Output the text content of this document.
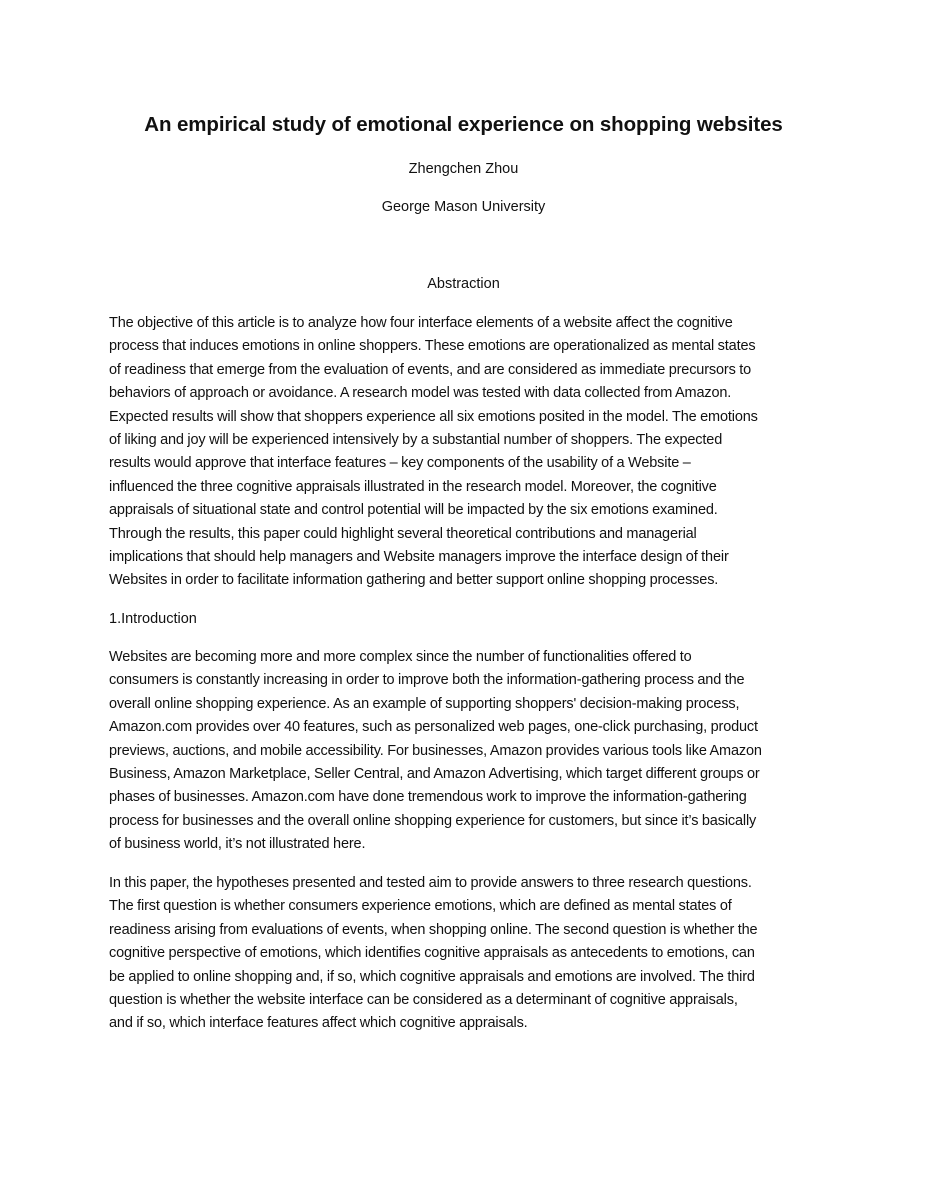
An empirical study of emotional experience on shopping websites
Zhengchen Zhou
George Mason University
Abstraction

The objective of this article is to analyze how four interface elements of a website affect the cognitive
process that induces emotions in online shoppers. These emotions are operationalized as mental states
of readiness that emerge from the evaluation of events, and are considered as immediate precursors to
behaviors of approach or avoidance. A research model was tested with data collected from Amazon.
Expected results will show that shoppers experience all six emotions posited in the model. The emotions
of liking and joy will be experienced intensively by a substantial number of shoppers. The expected
results would approve that interface features – key components of the usability of a Website –
influenced the three cognitive appraisals illustrated in the research model. Moreover, the cognitive
appraisals of situational state and control potential will be impacted by the six emotions examined.
Through the results, this paper could highlight several theoretical contributions and managerial
implications that should help managers and Website managers improve the interface design of their
Websites in order to facilitate information gathering and better support online shopping processes.

1.Introduction

Websites are becoming more and more complex since the number of functionalities offered to
consumers is constantly increasing in order to improve both the information-gathering process and the
overall online shopping experience. As an example of supporting shoppers' decision-making process,
Amazon.com provides over 40 features, such as personalized web pages, one-click purchasing, product
previews, auctions, and mobile accessibility. For businesses, Amazon provides various tools like Amazon
Business, Amazon Marketplace, Seller Central, and Amazon Advertising, which target different groups or
phases of businesses. Amazon.com have done tremendous work to improve the information-gathering
process for businesses and the overall online shopping experience for customers, but since it’s basically
of business world, it’s not illustrated here.

In this paper, the hypotheses presented and tested aim to provide answers to three research questions.
The first question is whether consumers experience emotions, which are defined as mental states of
readiness arising from evaluations of events, when shopping online. The second question is whether the
cognitive perspective of emotions, which identifies cognitive appraisals as antecedents to emotions, can
be applied to online shopping and, if so, which cognitive appraisals and emotions are involved. The third
question is whether the website interface can be considered as a determinant of cognitive appraisals,
and if so, which interface features affect which cognitive appraisals.
